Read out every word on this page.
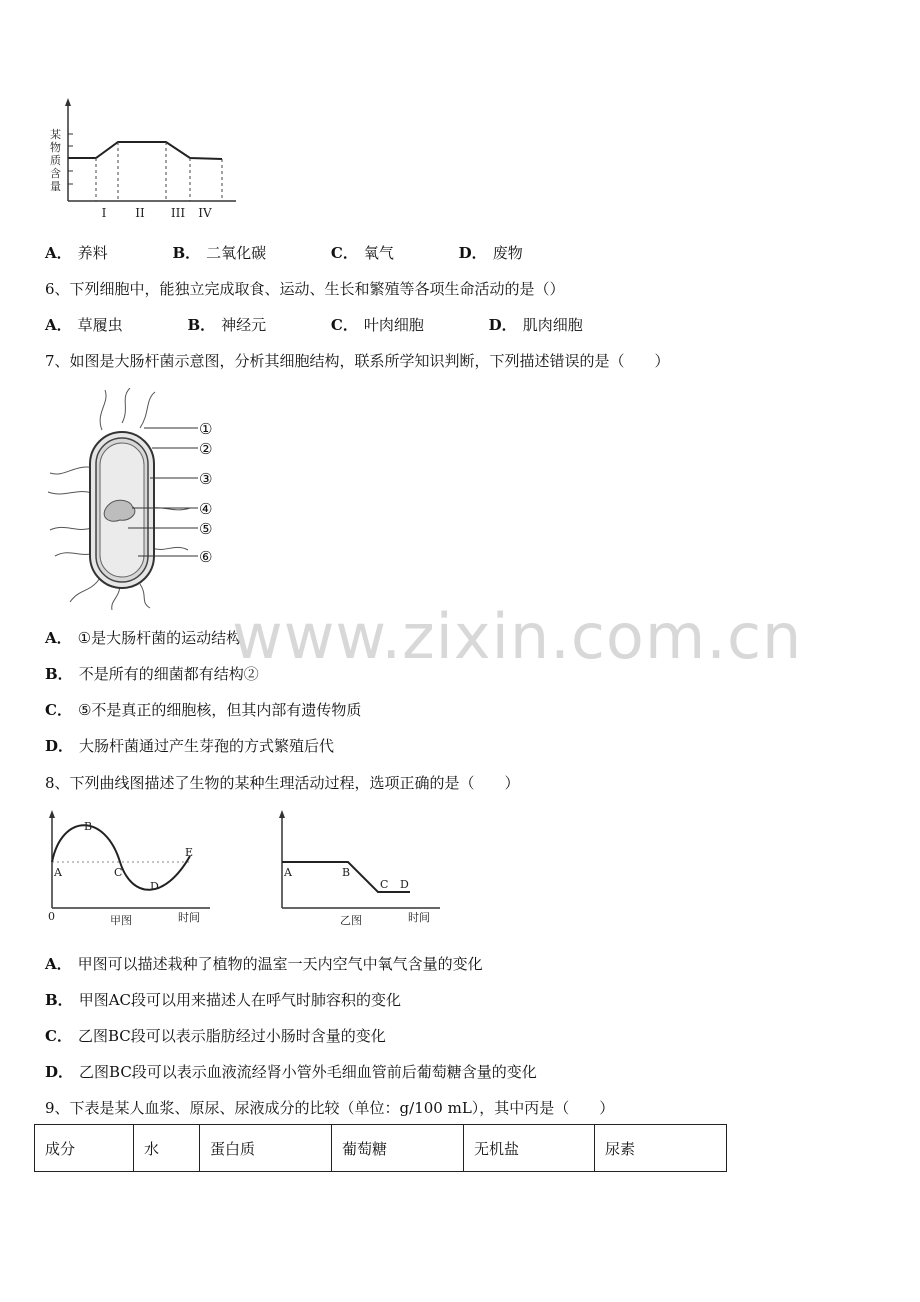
某
物
质
含
量
I II III IV
A． 养料	B． 二氧化碳	C． 氧气	D． 废物
6、下列细胞中，能独立完成取食、运动、生长和繁殖等各项生命活动的是（）
A． 草履虫	B． 神经元	C． 叶肉细胞	D． 肌肉细胞
7、如图是大肠杆菌示意图，分析其细胞结构，联系所学知识判断，下列描述错误的是（　　）
①
②
③
④
⑤
⑥
A． ①是大肠杆菌的运动结构
B． 不是所有的细菌都有结构②
C． ⑤不是真正的细胞核，但其内部有遗传物质
D． 大肠杆菌通过产生芽孢的方式繁殖后代
www.zixin.com.cn
8、下列曲线图描述了生物的某种生理活动过程，选项正确的是（　　）
A
B
C
D
E
0	甲图	时间
A	B
C D
乙图	时间
A． 甲图可以描述栽种了植物的温室一天内空气中氧气含量的变化
B． 甲图AC段可以用来描述人在呼气时肺容积的变化
C． 乙图BC段可以表示脂肪经过小肠时含量的变化
D． 乙图BC段可以表示血液流经肾小管外毛细血管前后葡萄糖含量的变化
9、下表是某人血浆、原尿、尿液成分的比较（单位：g/100 mL），其中丙是（　　）
成分	水	蛋白质	葡萄糖	无机盐	尿素
